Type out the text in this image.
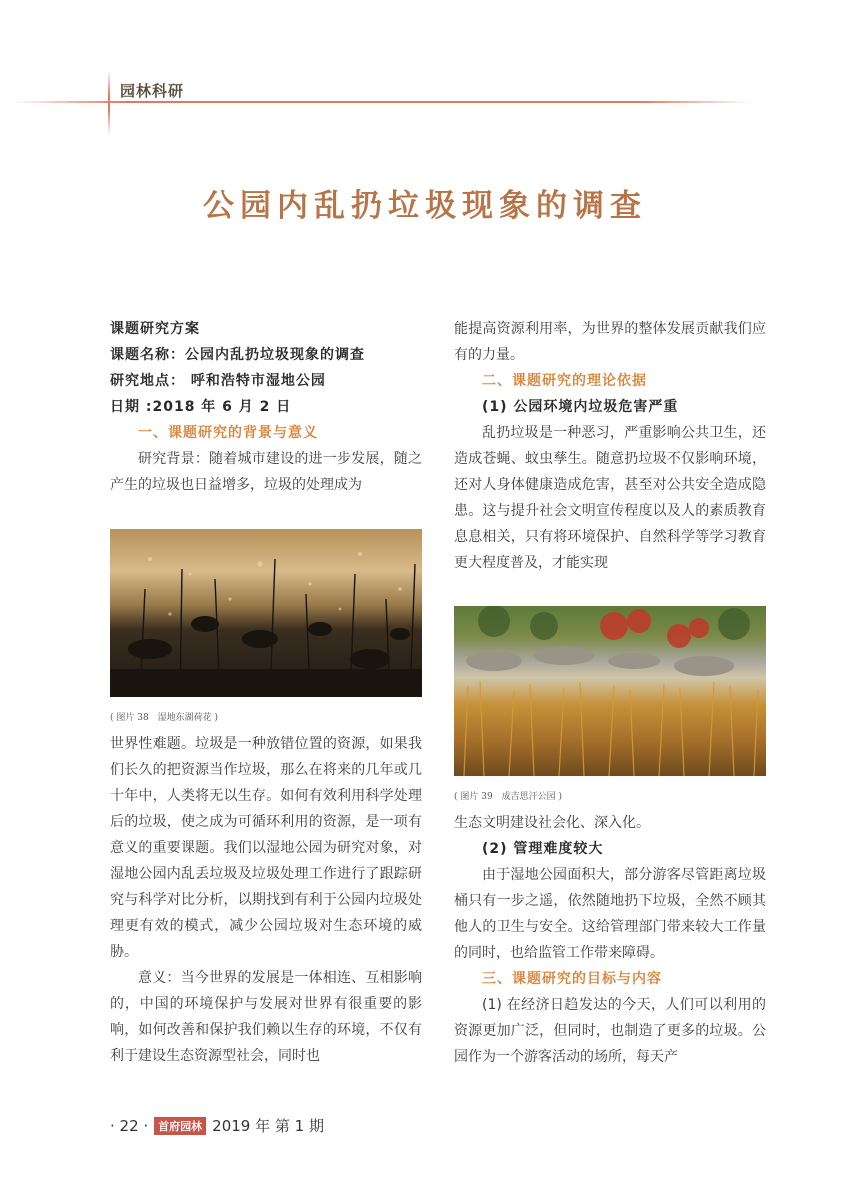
园林科研
公园内乱扔垃圾现象的调查

课题研究方案

课题名称：公园内乱扔垃圾现象的调查

研究地点： 呼和浩特市湿地公园

日期 :2018 年 6 月 2 日

一、课题研究的背景与意义

研究背景：随着城市建设的进一步发展，随之产生的垃圾也日益增多，垃圾的处理成为

( 图片 38　湿地东湖荷花 )

世界性难题。垃圾是一种放错位置的资源，如果我们长久的把资源当作垃圾，那么在将来的几年或几十年中，人类将无以生存。如何有效利用科学处理后的垃圾，使之成为可循环利用的资源，是一项有意义的重要课题。我们以湿地公园为研究对象，对湿地公园内乱丢垃圾及垃圾处理工作进行了跟踪研究与科学对比分析，以期找到有利于公园内垃圾处理更有效的模式，减少公园垃圾对生态环境的威胁。

意义：当今世界的发展是一体相连、互相影响的，中国的环境保护与发展对世界有很重要的影响，如何改善和保护我们赖以生存的环境，不仅有利于建设生态资源型社会，同时也

能提高资源利用率，为世界的整体发展贡献我们应有的力量。

二、课题研究的理论依据

(1) 公园环境内垃圾危害严重

乱扔垃圾是一种恶习，严重影响公共卫生，还造成苍蝇、蚊虫孳生。随意扔垃圾不仅影响环境，还对人身体健康造成危害，甚至对公共安全造成隐患。这与提升社会文明宣传程度以及人的素质教育息息相关，只有将环境保护、自然科学等学习教育更大程度普及，才能实现

( 图片 39　成吉思汗公园 )

生态文明建设社会化、深入化。

(2) 管理难度较大

由于湿地公园面积大，部分游客尽管距离垃圾桶只有一步之遥，依然随地扔下垃圾，全然不顾其他人的卫生与安全。这给管理部门带来较大工作量的同时，也给监管工作带来障碍。

三、课题研究的目标与内容

(1) 在经济日趋发达的今天，人们可以利用的资源更加广泛，但同时，也制造了更多的垃圾。公园作为一个游客活动的场所，每天产

· 22 · 首府园林 2019 年 第 1 期
